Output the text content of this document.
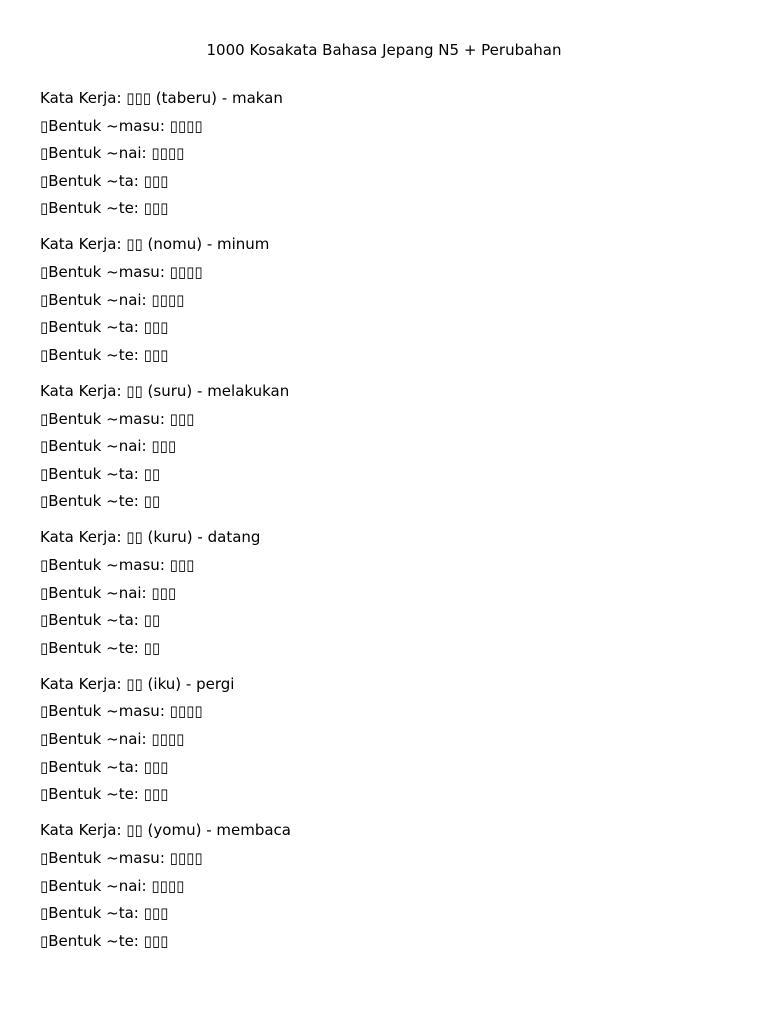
1000 Kosakata Bahasa Jepang N5 + Perubahan
Kata Kerja: ▯▯▯ (taberu) - makan
▯Bentuk ~masu: ▯▯▯▯
▯Bentuk ~nai: ▯▯▯▯
▯Bentuk ~ta: ▯▯▯
▯Bentuk ~te: ▯▯▯
Kata Kerja: ▯▯ (nomu) - minum
▯Bentuk ~masu: ▯▯▯▯
▯Bentuk ~nai: ▯▯▯▯
▯Bentuk ~ta: ▯▯▯
▯Bentuk ~te: ▯▯▯
Kata Kerja: ▯▯ (suru) - melakukan
▯Bentuk ~masu: ▯▯▯
▯Bentuk ~nai: ▯▯▯
▯Bentuk ~ta: ▯▯
▯Bentuk ~te: ▯▯
Kata Kerja: ▯▯ (kuru) - datang
▯Bentuk ~masu: ▯▯▯
▯Bentuk ~nai: ▯▯▯
▯Bentuk ~ta: ▯▯
▯Bentuk ~te: ▯▯
Kata Kerja: ▯▯ (iku) - pergi
▯Bentuk ~masu: ▯▯▯▯
▯Bentuk ~nai: ▯▯▯▯
▯Bentuk ~ta: ▯▯▯
▯Bentuk ~te: ▯▯▯
Kata Kerja: ▯▯ (yomu) - membaca
▯Bentuk ~masu: ▯▯▯▯
▯Bentuk ~nai: ▯▯▯▯
▯Bentuk ~ta: ▯▯▯
▯Bentuk ~te: ▯▯▯
